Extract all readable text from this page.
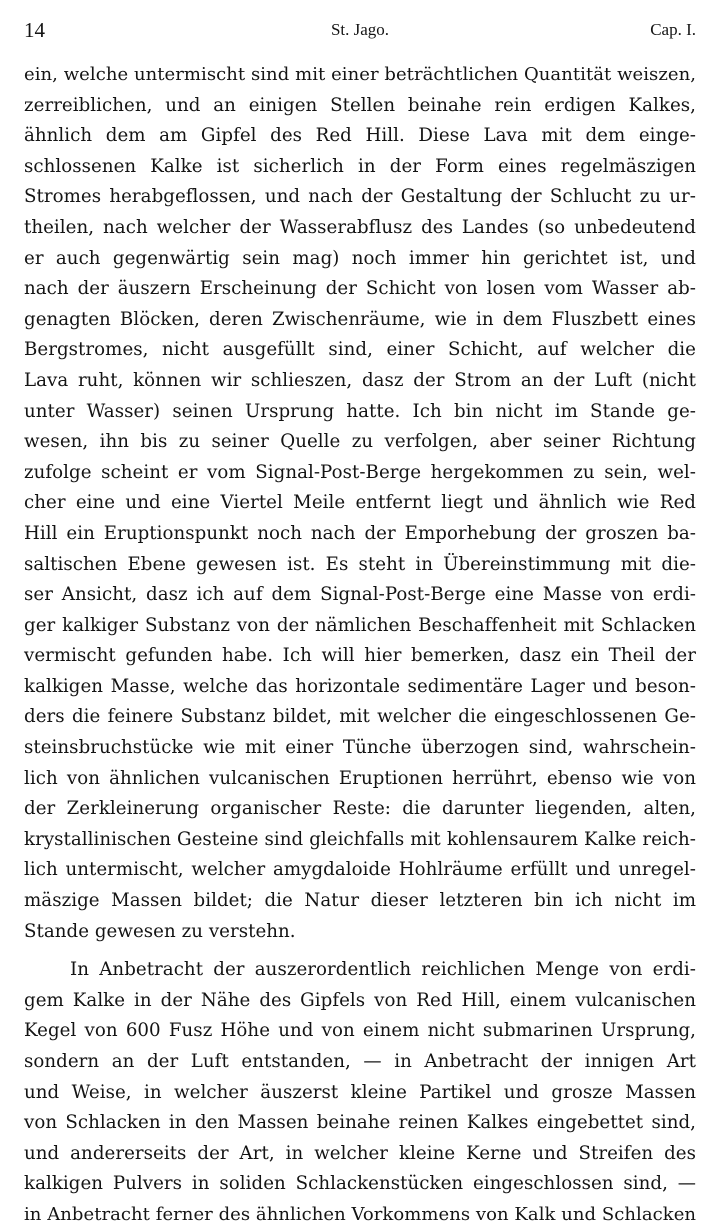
14	St. Jago.	Cap. I.
ein, welche untermischt sind mit einer beträchtlichen Quantität weiszen,
zerreiblichen, und an einigen Stellen beinahe rein erdigen Kalkes,
ähnlich dem am Gipfel des Red Hill. Diese Lava mit dem einge-
schlossenen Kalke ist sicherlich in der Form eines regelmäszigen
Stromes herabgeflossen, und nach der Gestaltung der Schlucht zu ur-
theilen, nach welcher der Wasserabflusz des Landes (so unbedeutend
er auch gegenwärtig sein mag) noch immer hin gerichtet ist, und
nach der äuszern Erscheinung der Schicht von losen vom Wasser ab-
genagten Blöcken, deren Zwischenräume, wie in dem Fluszbett eines
Bergstromes, nicht ausgefüllt sind, einer Schicht, auf welcher die
Lava ruht, können wir schlieszen, dasz der Strom an der Luft (nicht
unter Wasser) seinen Ursprung hatte. Ich bin nicht im Stande ge-
wesen, ihn bis zu seiner Quelle zu verfolgen, aber seiner Richtung
zufolge scheint er vom Signal-Post-Berge hergekommen zu sein, wel-
cher eine und eine Viertel Meile entfernt liegt und ähnlich wie Red
Hill ein Eruptionspunkt noch nach der Emporhebung der groszen ba-
saltischen Ebene gewesen ist. Es steht in Übereinstimmung mit die-
ser Ansicht, dasz ich auf dem Signal-Post-Berge eine Masse von erdi-
ger kalkiger Substanz von der nämlichen Beschaffenheit mit Schlacken
vermischt gefunden habe. Ich will hier bemerken, dasz ein Theil der
kalkigen Masse, welche das horizontale sedimentäre Lager und beson-
ders die feinere Substanz bildet, mit welcher die eingeschlossenen Ge-
steinsbruchstücke wie mit einer Tünche überzogen sind, wahrschein-
lich von ähnlichen vulcanischen Eruptionen herrührt, ebenso wie von
der Zerkleinerung organischer Reste: die darunter liegenden, alten,
krystallinischen Gesteine sind gleichfalls mit kohlensaurem Kalke reich-
lich untermischt, welcher amygdaloide Hohlräume erfüllt und unregel-
mäszige Massen bildet; die Natur dieser letzteren bin ich nicht im
Stande gewesen zu verstehn.
In Anbetracht der auszerordentlich reichlichen Menge von erdi-
gem Kalke in der Nähe des Gipfels von Red Hill, einem vulcanischen
Kegel von 600 Fusz Höhe und von einem nicht submarinen Ursprung,
sondern an der Luft entstanden, — in Anbetracht der innigen Art
und Weise, in welcher äuszerst kleine Partikel und grosze Massen
von Schlacken in den Massen beinahe reinen Kalkes eingebettet sind,
und andererseits der Art, in welcher kleine Kerne und Streifen des
kalkigen Pulvers in soliden Schlackenstücken eingeschlossen sind, —
in Anbetracht ferner des ähnlichen Vorkommens von Kalk und Schlacken
